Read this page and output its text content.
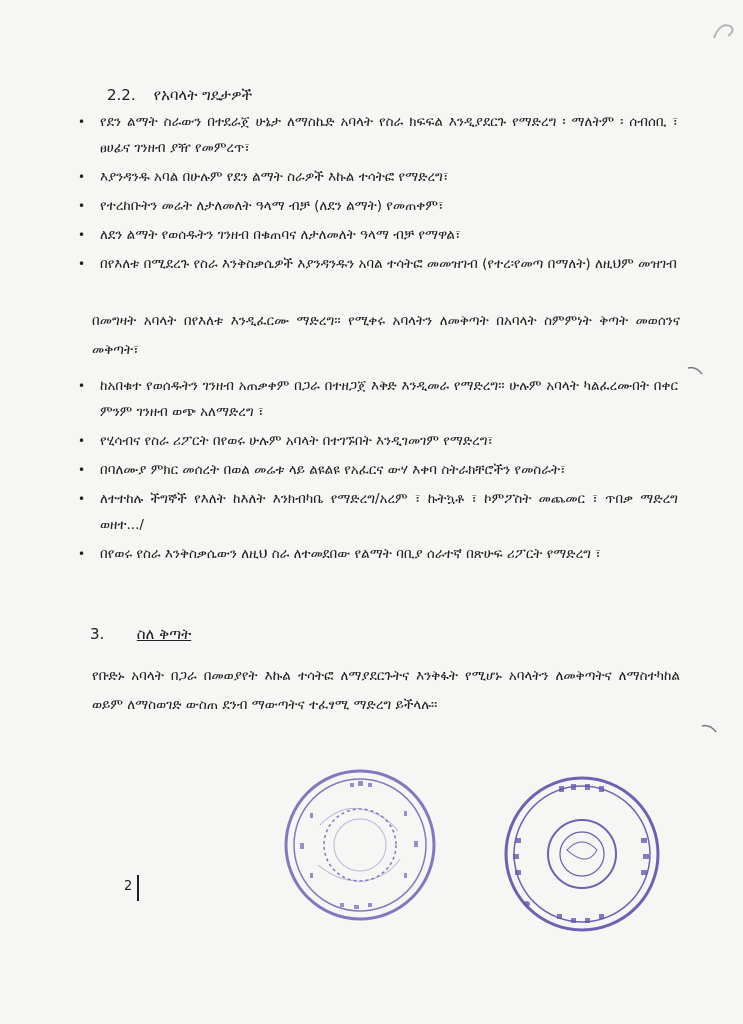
2.2. የአባላት ግዴታዎች
• የደን ልማት ስራውን በተደራጀ ሁኔታ ለማስኬድ አባላት የስራ ክፍፍል እንዲያደርጉ የማድረግ ፡ ማለትም ፡ ሰብሰቢ ፣ ፀሀፊና ገንዘብ ያዥ የመምረጥ፣
• እያንዳንዱ አባል በሁሉም የደን ልማት ስራዎች እኩል ተሳትፎ የማድረግ፣
• የተረከቡትን መሬት ለታለመለት ዓላማ ብቻ (ለደን ልማት) የመጠቀም፣
• ለደን ልማት የወሰዱትን ገንዘብ በቁጠባና ለታለመለት ዓላማ ብቻ የማዋል፣
• በየእለቱ በሚደረጉ የስራ እንቅስቃሴዎች እያንዳንዱን አባል ተሳትፎ መመዝገብ (የተረ፡የመጣ በማለት) ለዚህም መዝገብ
በመግዛት አባላት በየእለቱ እንዲፈርሙ ማድረግ፡፡ የሚቀሩ አባላትን ለመቅጣት በአባላት ስምምነት ቅጣት መወሰንና መቅጣት፣
• ከአበቁተ የወሰዱትን ገንዘብ አጠቃቀም በጋራ በተዘጋጀ እቅድ እንዲመራ የማድረግ፡፡ ሁሉም አባላት ካልፈረሙበት በቀር ምንም ገንዘብ ወጭ አለማድረግ ፣
• የሂሳብና የስራ ሪፖርት በየወሩ ሁሉም አባላት በተገኙበት እንዲገመገም የማድረግ፣
• በባለሙያ ምክር መሰረት በወል መሬቱ ላይ ልዩልዩ የአፈርና ውሃ እቀባ ስትራክቸሮችን የመስራት፣
• ለተተከሉ ችግኞች የእለት ከእለት እንክብካቤ የማድረግ/አረም ፣ ኩትኳቶ ፣ ኮምፖስት መጨመር ፣ ጥበቃ ማድረግ ወዘተ.../
• በየወሩ የስራ እንቅስቃሴውን ለዚህ ስራ ለተመደበው የልማት ባቢያ ሰራተኛ በጽሁፍ ሪፖርት የማድረግ ፣
3. ስለ ቅጣት
የቡድኑ አባላት በጋራ በመወያየት እኩል ተሳትፎ ለማያደርጉትና እንቅፋት የሚሆኑ አባላትን ለመቅጣትና ለማስተካከል ወይም ለማስወገድ ውስጠ ደንብ ማውጣትና ተፈፃሚ ማድረግ ይችላሉ፡፡
2
